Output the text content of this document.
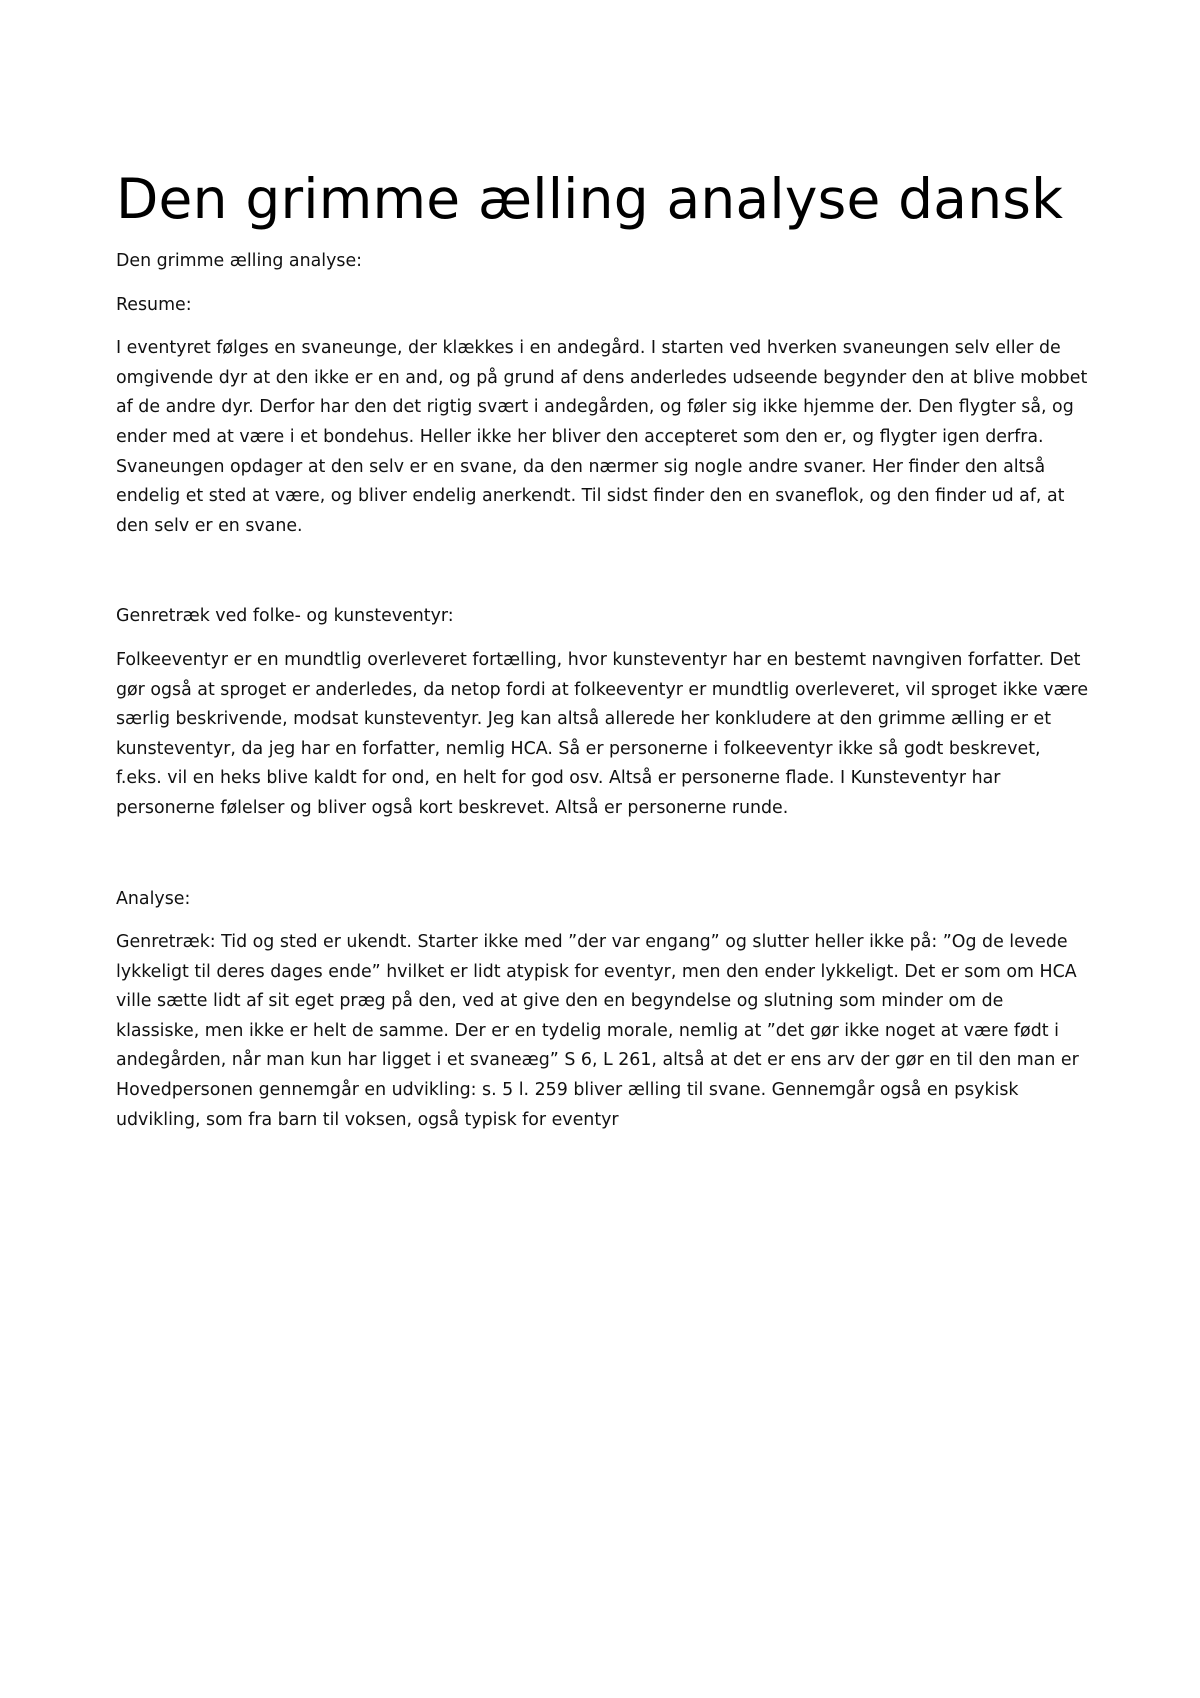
Den grimme ælling analyse dansk

Den grimme ælling analyse:

Resume:

I eventyret følges en svaneunge, der klækkes i en andegård. I starten ved hverken svaneungen selv eller de omgivende dyr at den ikke er en and, og på grund af dens anderledes udseende begynder den at blive mobbet af de andre dyr. Derfor har den det rigtig svært i andegården, og føler sig ikke hjemme der. Den flygter så, og ender med at være i et bondehus. Heller ikke her bliver den accepteret som den er, og flygter igen derfra. Svaneungen opdager at den selv er en svane, da den nærmer sig nogle andre svaner. Her finder den altså endelig et sted at være, og bliver endelig anerkendt. Til sidst finder den en svaneflok, og den finder ud af, at den selv er en svane.

Genretræk ved folke- og kunsteventyr:

Folkeeventyr er en mundtlig overleveret fortælling, hvor kunsteventyr har en bestemt navngiven forfatter. Det gør også at sproget er anderledes, da netop fordi at folkeeventyr er mundtlig overleveret, vil sproget ikke være særlig beskrivende, modsat kunsteventyr. Jeg kan altså allerede her konkludere at den grimme ælling er et kunsteventyr, da jeg har en forfatter, nemlig HCA. Så er personerne i folkeeventyr ikke så godt beskrevet, f.eks. vil en heks blive kaldt for ond, en helt for god osv. Altså er personerne flade. I Kunsteventyr har personerne følelser og bliver også kort beskrevet. Altså er personerne runde.

Analyse:

Genretræk: Tid og sted er ukendt. Starter ikke med ”der var engang” og slutter heller ikke på: ”Og de levede lykkeligt til deres dages ende” hvilket er lidt atypisk for eventyr, men den ender lykkeligt. Det er som om HCA ville sætte lidt af sit eget præg på den, ved at give den en begyndelse og slutning som minder om de klassiske, men ikke er helt de samme. Der er en tydelig morale, nemlig at ”det gør ikke noget at være født i andegården, når man kun har ligget i et svaneæg” S 6, L 261, altså at det er ens arv der gør en til den man er Hovedpersonen gennemgår en udvikling: s. 5 l. 259 bliver ælling til svane. Gennemgår også en psykisk udvikling, som fra barn til voksen, også typisk for eventyr
